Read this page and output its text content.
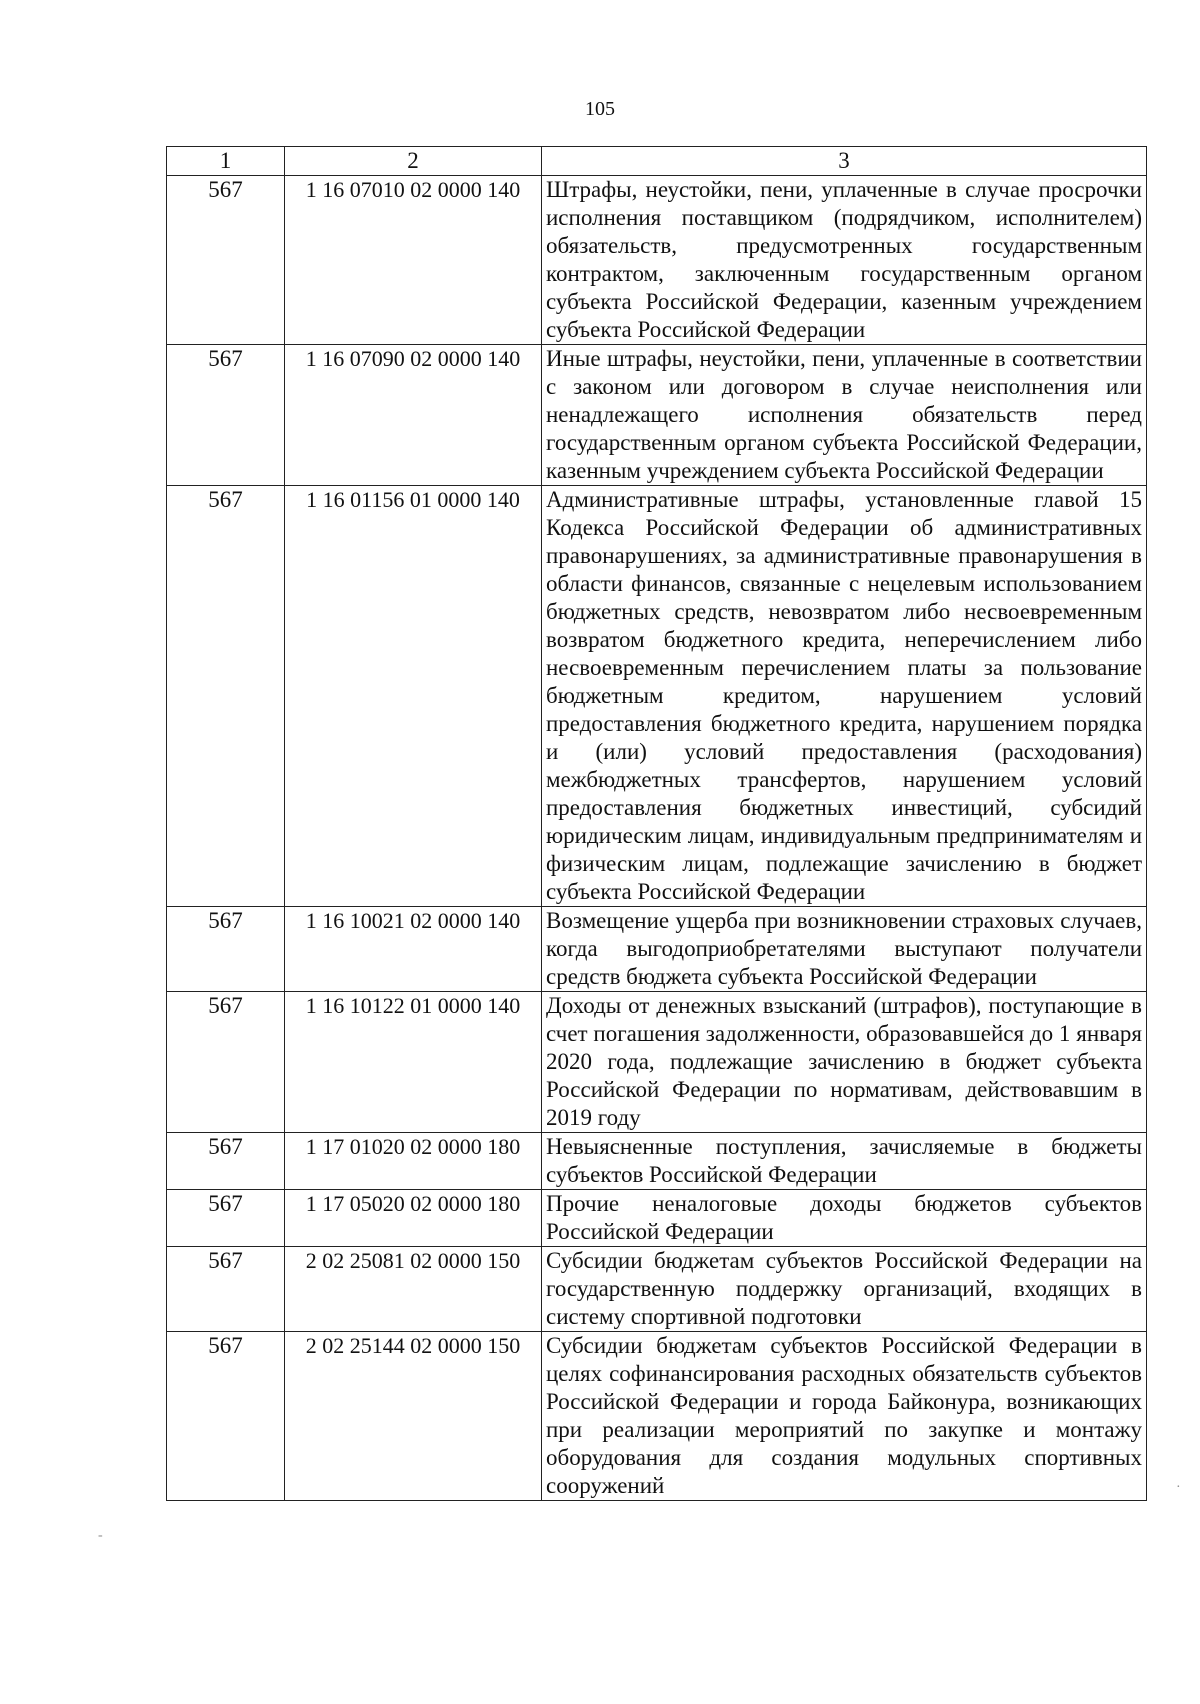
105
1	2	3
567	1 16 07010 02 0000 140	Штрафы, неустойки, пени, уплаченные в случае просрочки исполнения поставщиком (подрядчиком, исполнителем) обязательств, предусмотренных государственным контрактом, заключенным государственным органом субъекта Российской Федерации, казенным учреждением субъекта Российской Федерации
567	1 16 07090 02 0000 140	Иные штрафы, неустойки, пени, уплаченные в соответствии с законом или договором в случае неисполнения или ненадлежащего исполнения обязательств перед государственным органом субъекта Российской Федерации, казенным учреждением субъекта Российской Федерации
567	1 16 01156 01 0000 140	Административные штрафы, установленные главой 15 Кодекса Российской Федерации об административных правонарушениях, за административные правонарушения в области финансов, связанные с нецелевым использованием бюджетных средств, невозвратом либо несвоевременным возвратом бюджетного кредита, неперечислением либо несвоевременным перечислением платы за пользование бюджетным кредитом, нарушением условий предоставления бюджетного кредита, нарушением порядка и (или) условий предоставления (расходования) межбюджетных трансфертов, нарушением условий предоставления бюджетных инвестиций, субсидий юридическим лицам, индивидуальным предпринимателям и физическим лицам, подлежащие зачислению в бюджет субъекта Российской Федерации
567	1 16 10021 02 0000 140	Возмещение ущерба при возникновении страховых случаев, когда выгодоприобретателями выступают получатели средств бюджета субъекта Российской Федерации
567	1 16 10122 01 0000 140	Доходы от денежных взысканий (штрафов), поступающие в счет погашения задолженности, образовавшейся до 1 января 2020 года, подлежащие зачислению в бюджет субъекта Российской Федерации по нормативам, действовавшим в 2019 году
567	1 17 01020 02 0000 180	Невыясненные поступления, зачисляемые в бюджеты субъектов Российской Федерации
567	1 17 05020 02 0000 180	Прочие неналоговые доходы бюджетов субъектов Российской Федерации
567	2 02 25081 02 0000 150	Субсидии бюджетам субъектов Российской Федерации на государственную поддержку организаций, входящих в систему спортивной подготовки
567	2 02 25144 02 0000 150	Субсидии бюджетам субъектов Российской Федерации в целях софинансирования расходных обязательств субъектов Российской Федерации и города Байконура, возникающих при реализации мероприятий по закупке и монтажу оборудования для создания модульных спортивных сооружений
‐
·
